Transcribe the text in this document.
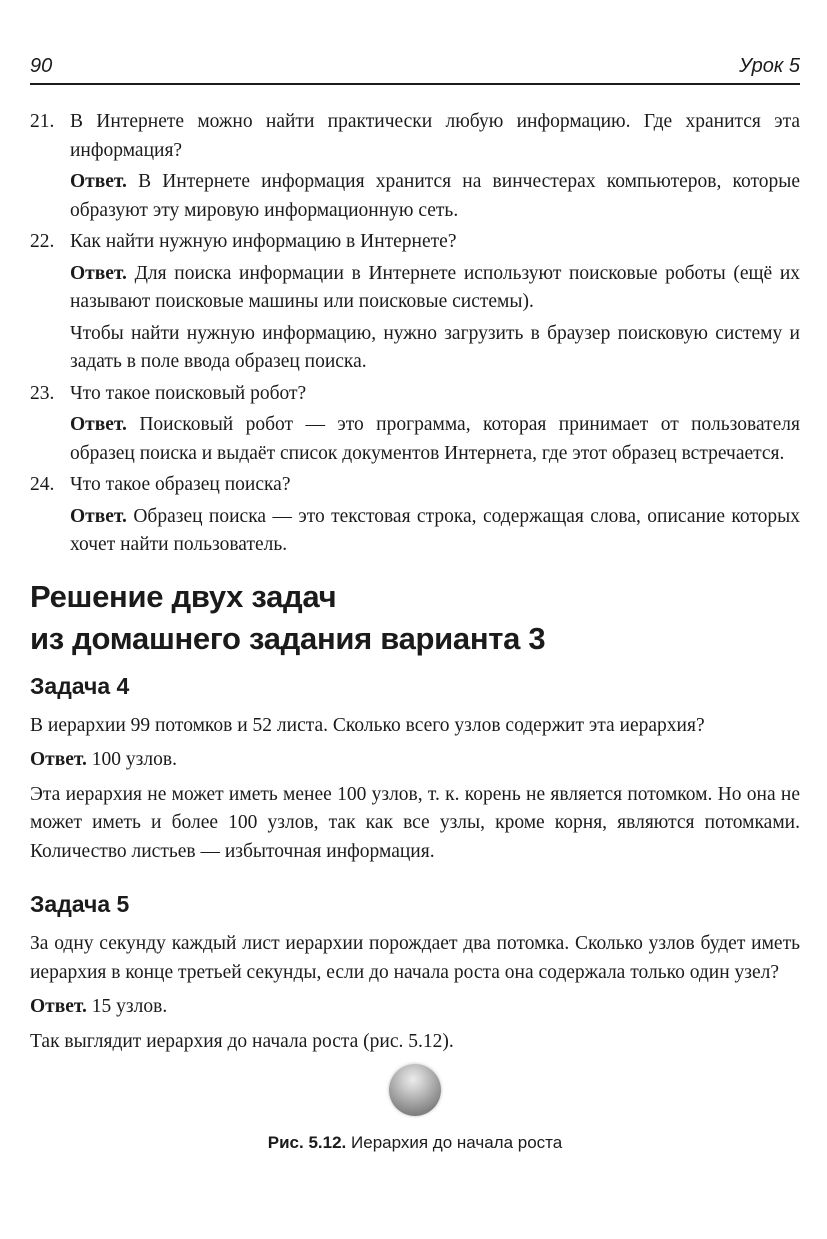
90	Урок 5
21. В Интернете можно найти практически любую информацию. Где хранится эта информация?

Ответ. В Интернете информация хранится на винчестерах компьютеров, которые образуют эту мировую информационную сеть.

22. Как найти нужную информацию в Интернете?

Ответ. Для поиска информации в Интернете используют поисковые роботы (ещё их называют поисковые машины или поисковые системы).

Чтобы найти нужную информацию, нужно загрузить в браузер поисковую систему и задать в поле ввода образец поиска.

23. Что такое поисковый робот?

Ответ. Поисковый робот — это программа, которая принимает от пользователя образец поиска и выдаёт список документов Интернета, где этот образец встречается.

24. Что такое образец поиска?

Ответ. Образец поиска — это текстовая строка, содержащая слова, описание которых хочет найти пользователь.

Решение двух задач
из домашнего задания варианта 3
Задача 4

В иерархии 99 потомков и 52 листа. Сколько всего узлов содержит эта иерархия?

Ответ. 100 узлов.

Эта иерархия не может иметь менее 100 узлов, т. к. корень не является потомком. Но она не может иметь и более 100 узлов, так как все узлы, кроме корня, являются потомками. Количество листьев — избыточная информация.

Задача 5

За одну секунду каждый лист иерархии порождает два потомка. Сколько узлов будет иметь иерархия в конце третьей секунды, если до начала роста она содержала только один узел?

Ответ. 15 узлов.

Так выглядит иерархия до начала роста (рис. 5.12).

Рис. 5.12. Иерархия до начала роста
